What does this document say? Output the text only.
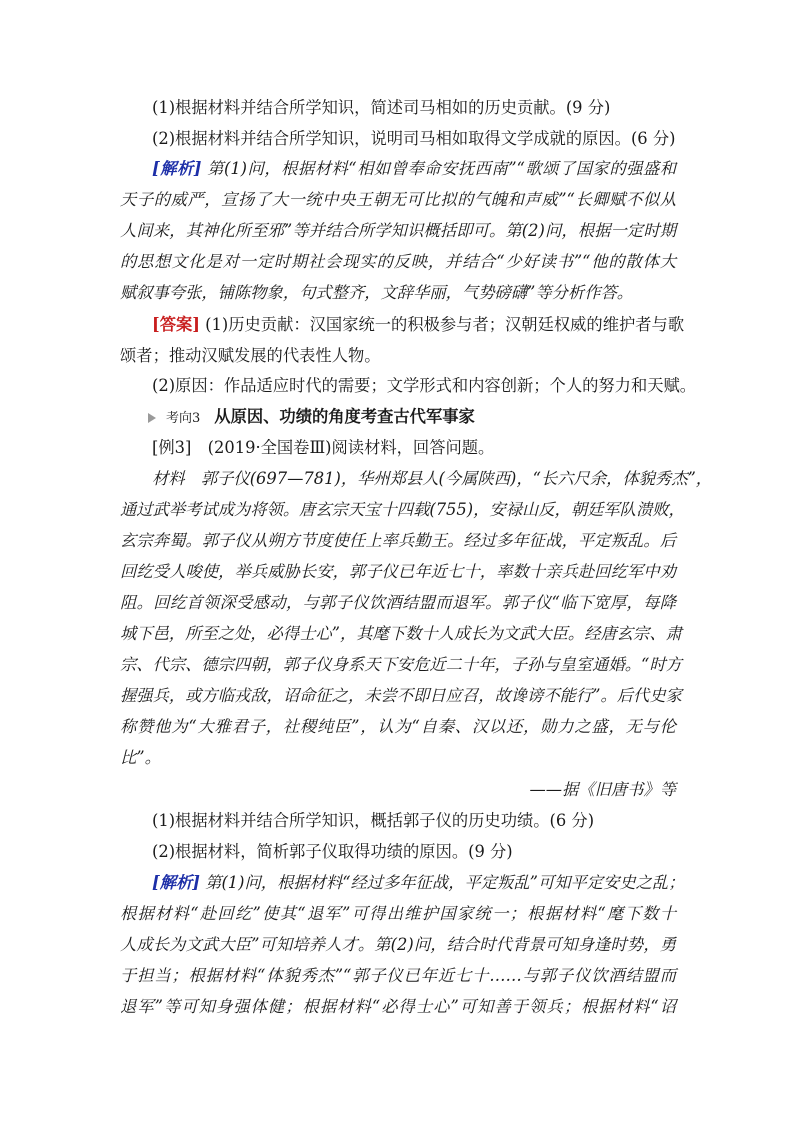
(1)根据材料并结合所学知识，简述司马相如的历史贡献。(9 分)
(2)根据材料并结合所学知识，说明司马相如取得文学成就的原因。(6 分)
[解析] 第(1)问，根据材料“相如曾奉命安抚西南”“歌颂了国家的强盛和
天子的威严，宣扬了大一统中央王朝无可比拟的气魄和声威”“长卿赋不似从
人间来，其神化所至邪”等并结合所学知识概括即可。第(2)问，根据一定时期
的思想文化是对一定时期社会现实的反映，并结合“少好读书”“他的散体大
赋叙事夸张，铺陈物象，句式整齐，文辞华丽，气势磅礴”等分析作答。
[答案] (1)历史贡献：汉国家统一的积极参与者；汉朝廷权威的维护者与歌
颂者；推动汉赋发展的代表性人物。
(2)原因：作品适应时代的需要；文学形式和内容创新；个人的努力和天赋。
考向3 从原因、功绩的角度考查古代军事家
[例3]　 (2019·全国卷Ⅲ)阅读材料，回答问题。
材料　郭子仪(697—781)，华州郑县人(今属陕西)，“长六尺余，体貌秀杰”，
通过武举考试成为将领。唐玄宗天宝十四载(755)，安禄山反，朝廷军队溃败，
玄宗奔蜀。郭子仪从朔方节度使任上率兵勤王。经过多年征战，平定叛乱。后
回纥受人唆使，举兵威胁长安，郭子仪已年近七十，率数十亲兵赴回纥军中劝
阻。回纥首领深受感动，与郭子仪饮酒结盟而退军。郭子仪“临下宽厚，每降
城下邑，所至之处，必得士心”，其麾下数十人成长为文武大臣。经唐玄宗、肃
宗、代宗、德宗四朝，郭子仪身系天下安危近二十年，子孙与皇室通婚。“时方
握强兵，或方临戎敌，诏命征之，未尝不即日应召，故谗谤不能行”。后代史家
称赞他为“大雅君子，社稷纯臣”，认为“自秦、汉以还，勋力之盛，无与伦
比”。
——据《旧唐书》等
(1)根据材料并结合所学知识，概括郭子仪的历史功绩。(6 分)
(2)根据材料，简析郭子仪取得功绩的原因。(9 分)
[解析] 第(1)问，根据材料“经过多年征战，平定叛乱”可知平定安史之乱；
根据材料“赴回纥”使其“退军”可得出维护国家统一；根据材料“麾下数十
人成长为文武大臣”可知培养人才。第(2)问，结合时代背景可知身逢时势，勇
于担当；根据材料“体貌秀杰”“郭子仪已年近七十……与郭子仪饮酒结盟而
退军”等可知身强体健；根据材料“必得士心”可知善于领兵；根据材料“诏
